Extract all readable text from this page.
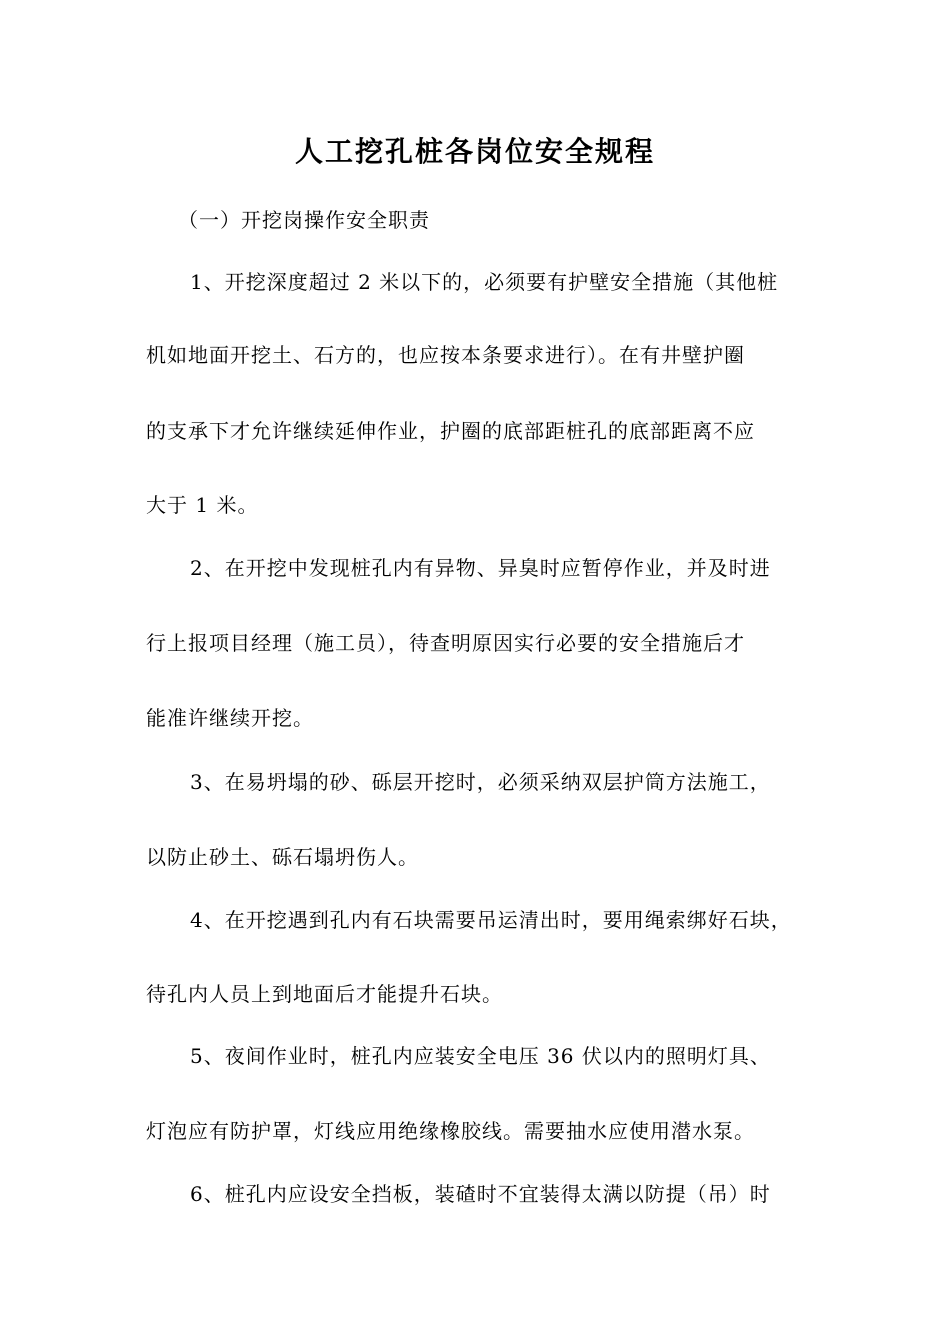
人工挖孔桩各岗位安全规程

（一）开挖岗操作安全职责

1、开挖深度超过 2 米以下的，必须要有护壁安全措施（其他桩

机如地面开挖土、石方的，也应按本条要求进行）。在有井壁护圈

的支承下才允许继续延伸作业，护圈的底部距桩孔的底部距离不应

大于 1 米。

2、在开挖中发现桩孔内有异物、异臭时应暂停作业，并及时进

行上报项目经理（施工员），待查明原因实行必要的安全措施后才

能准许继续开挖。

3、在易坍塌的砂、砾层开挖时，必须采纳双层护筒方法施工，

以防止砂土、砾石塌坍伤人。

4、在开挖遇到孔内有石块需要吊运清出时，要用绳索绑好石块，

待孔内人员上到地面后才能提升石块。

5、夜间作业时，桩孔内应装安全电压 36 伏以内的照明灯具、

灯泡应有防护罩，灯线应用绝缘橡胶线。需要抽水应使用潜水泵。

6、桩孔内应设安全挡板，装碴时不宜装得太满以防提（吊）时
